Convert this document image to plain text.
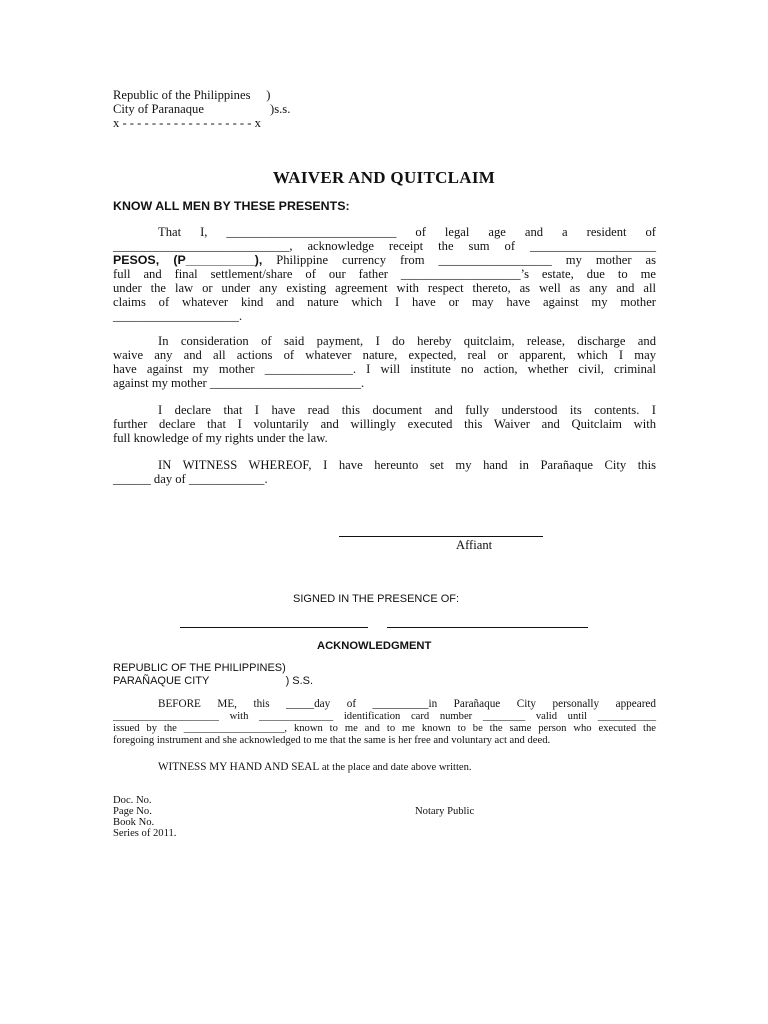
Republic of the Philippines     )
City of Paranaque                     )s.s.
x - - - - - - - - - - - - - - - - - - x
WAIVER AND QUITCLAIM
KNOW ALL MEN BY THESE PRESENTS:
That I, ___________________________ of legal age and a resident of
____________________________, acknowledge receipt the sum of ____________________
PESOS, (P__________), Philippine currency from __________________ my mother as
full and final settlement/share of our father ___________________’s estate, due to me
under the law or under any existing agreement with respect thereto, as well as any and all
claims of whatever kind and nature which I have or may have against my mother
____________________.
In consideration of said payment, I do hereby quitclaim, release, discharge and
waive any and all actions of whatever nature, expected, real or apparent, which I may
have against my mother ______________. I will institute no action, whether civil, criminal
against my mother ________________________.
I declare that I have read this document and fully understood its contents. I
further declare that I voluntarily and willingly executed this Waiver and Quitclaim with
full knowledge of my rights under the law.
IN WITNESS WHEREOF, I have hereunto set my hand in Parañaque City this
______ day of ____________.
Affiant
SIGNED IN THE PRESENCE OF:
ACKNOWLEDGMENT
REPUBLIC OF THE PHILIPPINES)
PARAÑAQUE CITY                         ) S.S.
BEFORE ME, this _____day of __________in Parañaque City personally appeared
____________________ with ______________ identification card number ________ valid until ___________
issued by the ___________________, known to me and to me known to be the same person who executed the
foregoing instrument and she acknowledged to me that the same is her free and voluntary act and deed.
WITNESS MY HAND AND SEAL at the place and date above written.
Doc. No.
Page No.
Book No.
Series of 2011.
Notary Public
